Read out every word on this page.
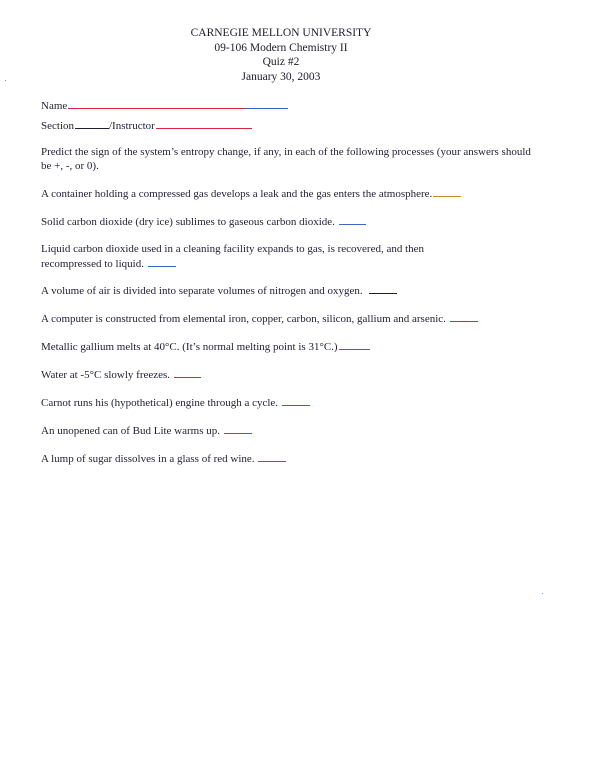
CARNEGIE MELLON UNIVERSITY
09-106 Modern Chemistry II
Quiz #2
January 30, 2003
Name
Section	/Instructor
Predict the sign of the system’s entropy change, if any, in each of the following processes (your answers should be +, -, or 0).
A container holding a compressed gas develops a leak and the gas enters the atmosphere.
Solid carbon dioxide (dry ice) sublimes to gaseous carbon dioxide.
Liquid carbon dioxide used in a cleaning facility expands to gas, is recovered, and then recompressed to liquid.
A volume of air is divided into separate volumes of nitrogen and oxygen.
A computer is constructed from elemental iron, copper, carbon, silicon, gallium and arsenic.
Metallic gallium melts at 40°C. (It’s normal melting point is 31°C.)
Water at -5°C slowly freezes.
Carnot runs his (hypothetical) engine through a cycle.
An unopened can of Bud Lite warms up.
A lump of sugar dissolves in a glass of red wine.
